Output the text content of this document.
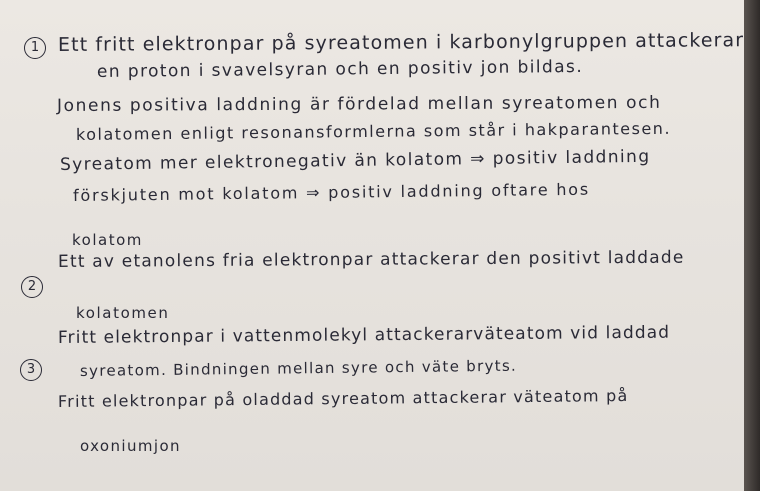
1 Ett fritt elektronpar på syreatomen i karbonylgruppen attackerar
en proton i svavelsyran och en positiv jon bildas.
Jonens positiva laddning är fördelad mellan syreatomen och
kolatomen enligt resonansformlerna som står i hakparantesen.
Syreatom mer elektronegativ än kolatom ⇒ positiv laddning
förskjuten mot kolatom ⇒ positiv laddning oftare hos
kolatom
2
Ett av etanolens fria elektronpar attackerar den positivt laddade
kolatomen
3
Fritt elektronpar i vattenmolekyl attackerarväteatom vid laddad
syreatom. Bindningen mellan syre och väte bryts.
Fritt elektronpar på oladdad syreatom attackerar väteatom på
oxoniumjon
